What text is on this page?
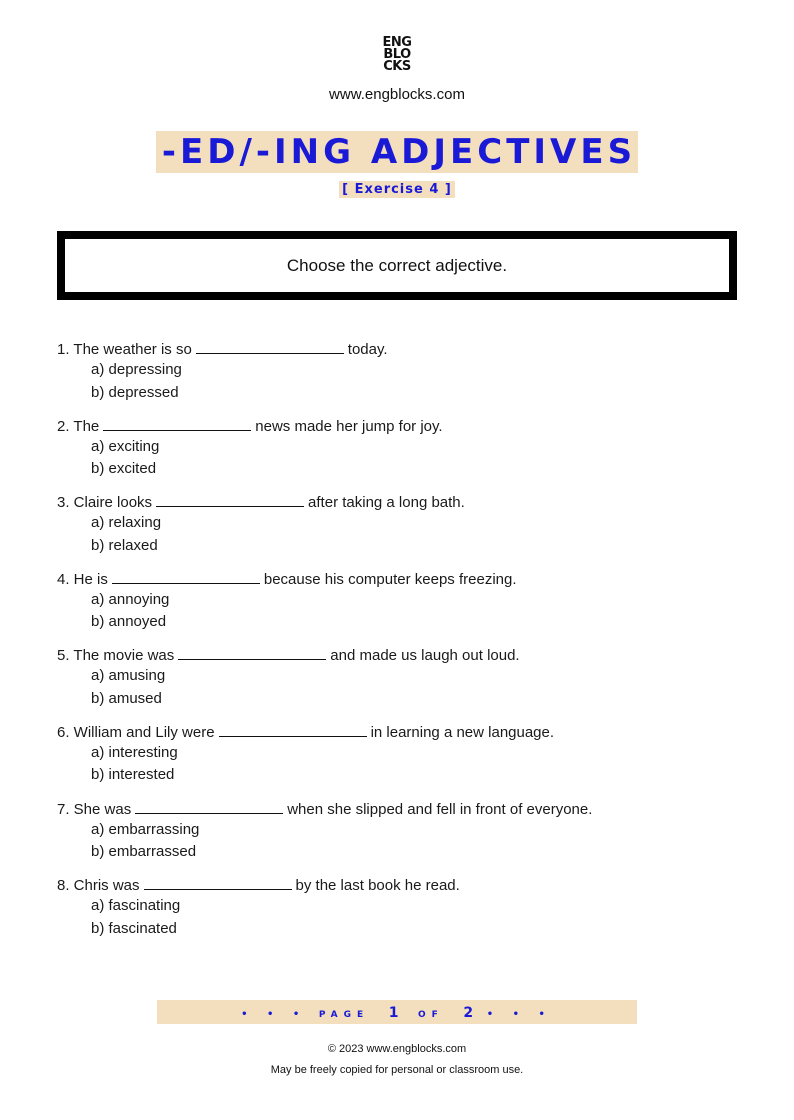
ENG
BLO
CKS
www.engblocks.com
-ED/-ING ADJECTIVES
[ Exercise 4 ]
Choose the correct adjective.
1. The weather is so	today.
a) depressing
b) depressed
2. The	news made her jump for joy.
a) exciting
b) excited
3. Claire looks	after taking a long bath.
a) relaxing
b) relaxed
4. He is	because his computer keeps freezing.
a) annoying
b) annoyed
5. The movie was	and made us laugh out loud.
a) amusing
b) amused
6. William and Lily were	in learning a new language.
a) interesting
b) interested
7. She was	when she slipped and fell in front of everyone.
a) embarrassing
b) embarrassed
8. Chris was	by the last book he read.
a) fascinating
b) fascinated
• • • PAGE 1 OF 2 • • •
© 2023 www.engblocks.com
May be freely copied for personal or classroom use.
